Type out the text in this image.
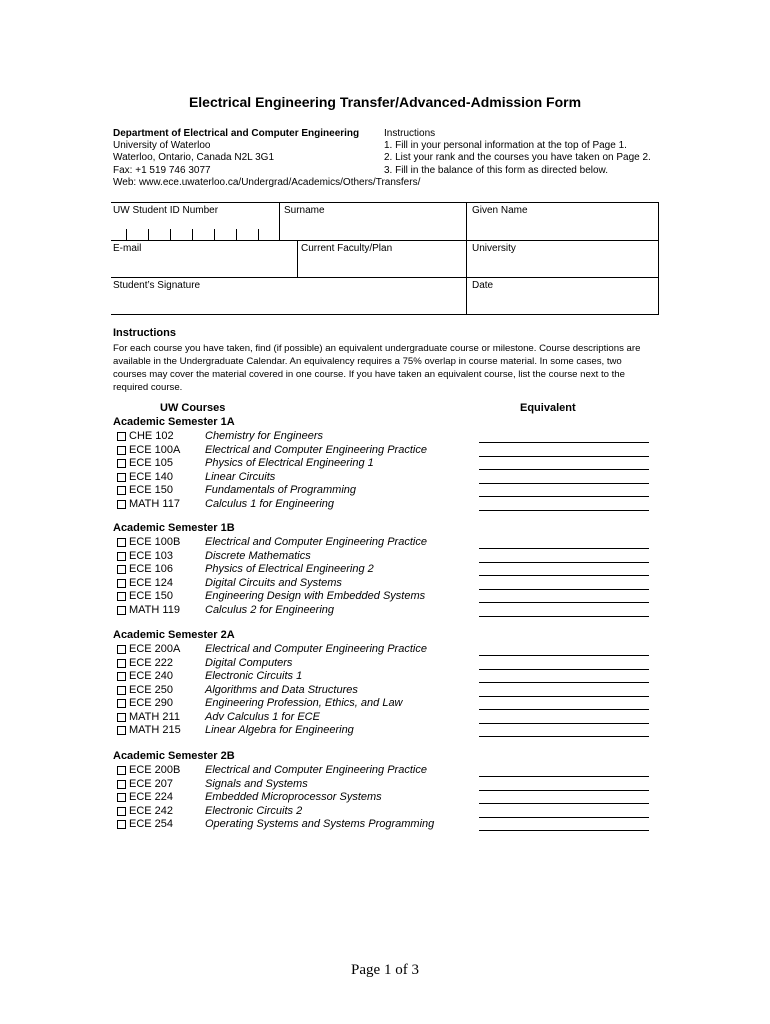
Electrical Engineering Transfer/Advanced-Admission Form
Department of Electrical and Computer Engineering
University of Waterloo
Waterloo, Ontario, Canada N2L 3G1
Fax: +1 519 746 3077
Web: www.ece.uwaterloo.ca/Undergrad/Academics/Others/Transfers/
Instructions
1. Fill in your personal information at the top of Page 1.
2. List your rank and the courses you have taken on Page 2.
3. Fill in the balance of this form as directed below.
UW Student ID Number	Surname	Given Name
E-mail	Current Faculty/Plan	University
Student’s Signature	Date
Instructions
For each course you have taken, find (if possible) an equivalent undergraduate course or milestone. Course descriptions are available in the Undergraduate Calendar. An equivalency requires a 75% overlap in course material. In some cases, two courses may cover the material covered in one course. If you have taken an equivalent course, list the course next to the required course.
UW Courses	Equivalent
Academic Semester 1A
CHE 102	Chemistry for Engineers
ECE 100A Electrical and Computer Engineering Practice
ECE 105	Physics of Electrical Engineering 1
ECE 140	Linear Circuits
ECE 150	Fundamentals of Programming
MATH 117 Calculus 1 for Engineering
Academic Semester 1B
ECE 100B Electrical and Computer Engineering Practice
ECE 103	Discrete Mathematics
ECE 106	Physics of Electrical Engineering 2
ECE 124	Digital Circuits and Systems
ECE 150	Engineering Design with Embedded Systems
MATH 119 Calculus 2 for Engineering
Academic Semester 2A
ECE 200A Electrical and Computer Engineering Practice
ECE 222	Digital Computers
ECE 240	Electronic Circuits 1
ECE 250	Algorithms and Data Structures
ECE 290	Engineering Profession, Ethics, and Law
MATH 211 Adv Calculus 1 for ECE
MATH 215 Linear Algebra for Engineering
Academic Semester 2B
ECE 200B Electrical and Computer Engineering Practice
ECE 207	Signals and Systems
ECE 224	Embedded Microprocessor Systems
ECE 242	Electronic Circuits 2
ECE 254	Operating Systems and Systems Programming
Page 1 of 3
